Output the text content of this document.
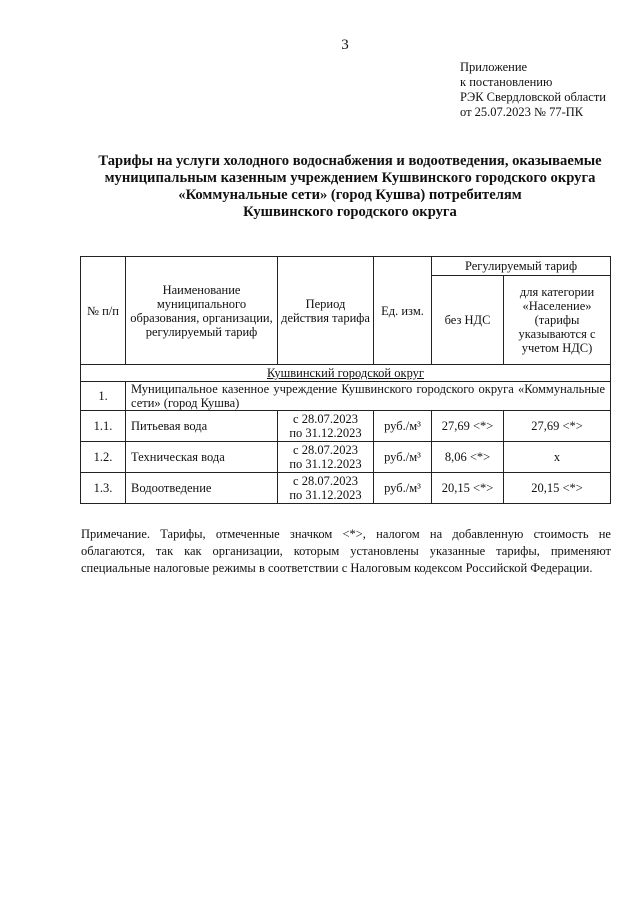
3
Приложение
к постановлению
РЭК Свердловской области
от 25.07.2023 № 77-ПК
Тарифы на услуги холодного водоснабжения и водоотведения, оказываемые
муниципальным казенным учреждением Кушвинского городского округа
«Коммунальные сети» (город Кушва) потребителям
Кушвинского городского округа
№ п/п	Наименование муниципального образования, организации, регулируемый тариф	Период действия тарифа	Ед. изм.	Регулируемый тариф	
				без НДС	для категории «Население» (тарифы указываются с учетом НДС)
Кушвинский городской округ					
1.	Муниципальное казенное учреждение Кушвинского городского округа «Коммунальные сети» (город Кушва)				
1.1.	Питьевая вода	с 28.07.2023
по 31.12.2023	руб./м³	27,69 <*>	27,69 <*>
1.2.	Техническая вода	с 28.07.2023
по 31.12.2023	руб./м³	8,06 <*>	x
1.3.	Водоотведение	с 28.07.2023
по 31.12.2023	руб./м³	20,15 <*>	20,15 <*>
Примечание. Тарифы, отмеченные значком <*>, налогом на добавленную стоимость не облагаются, так как организации, которым установлены указанные тарифы, применяют специальные налоговые режимы в соответствии с Налоговым кодексом Российской Федерации.
